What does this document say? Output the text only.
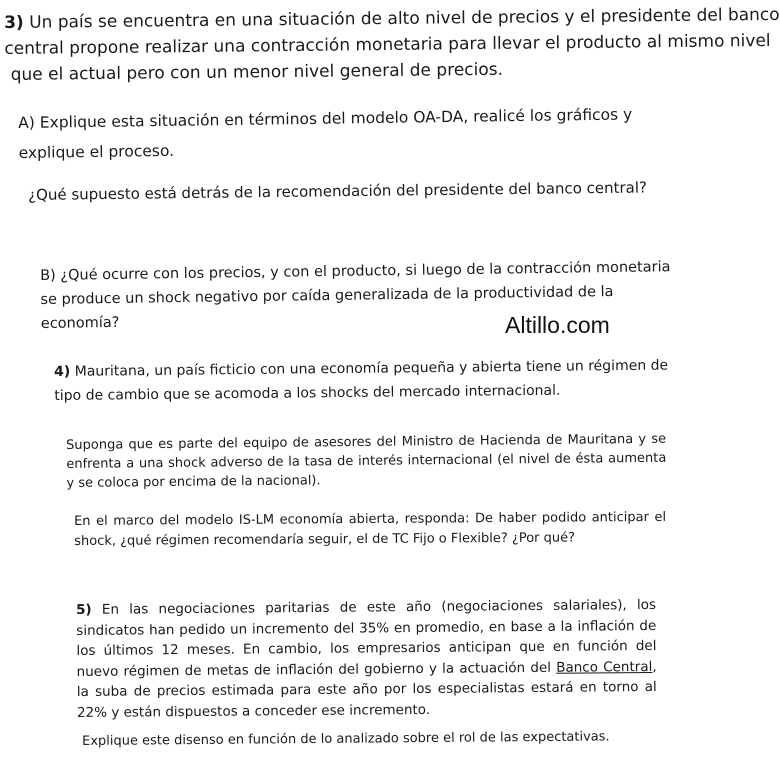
3) Un país se encuentra en una situación de alto nivel de precios y el presidente del banco
central propone realizar una contracción monetaria para llevar el producto al mismo nivel
que el actual pero con un menor nivel general de precios.
A) Explique esta situación en términos del modelo OA-DA, realicé los gráficos y explique el proceso.
¿Qué supuesto está detrás de la recomendación del presidente del banco central?
B) ¿Qué ocurre con los precios, y con el producto, si luego de la contracción monetaria se produce un shock negativo por caída generalizada de la productividad de la economía?	Altillo.com
4) Mauritana, un país ficticio con una economía pequeña y abierta tiene un régimen de tipo de cambio que se acomoda a los shocks del mercado internacional.
Suponga que es parte del equipo de asesores del Ministro de Hacienda de Mauritana y se enfrenta a una shock adverso de la tasa de interés internacional (el nivel de ésta aumenta y se coloca por encima de la nacional).
En el marco del modelo IS-LM economía abierta, responda: De haber podido anticipar el shock, ¿qué régimen recomendaría seguir, el de TC Fijo o Flexible? ¿Por qué?
5) En las negociaciones paritarias de este año (negociaciones salariales), los sindicatos han pedido un incremento del 35% en promedio, en base a la inflación de los últimos 12 meses. En cambio, los empresarios anticipan que en función del nuevo régimen de metas de inflación del gobierno y la actuación del Banco Central, la suba de precios estimada para este año por los especialistas estará en torno al 22% y están dispuestos a conceder ese incremento.
Explique este disenso en función de lo analizado sobre el rol de las expectativas.
